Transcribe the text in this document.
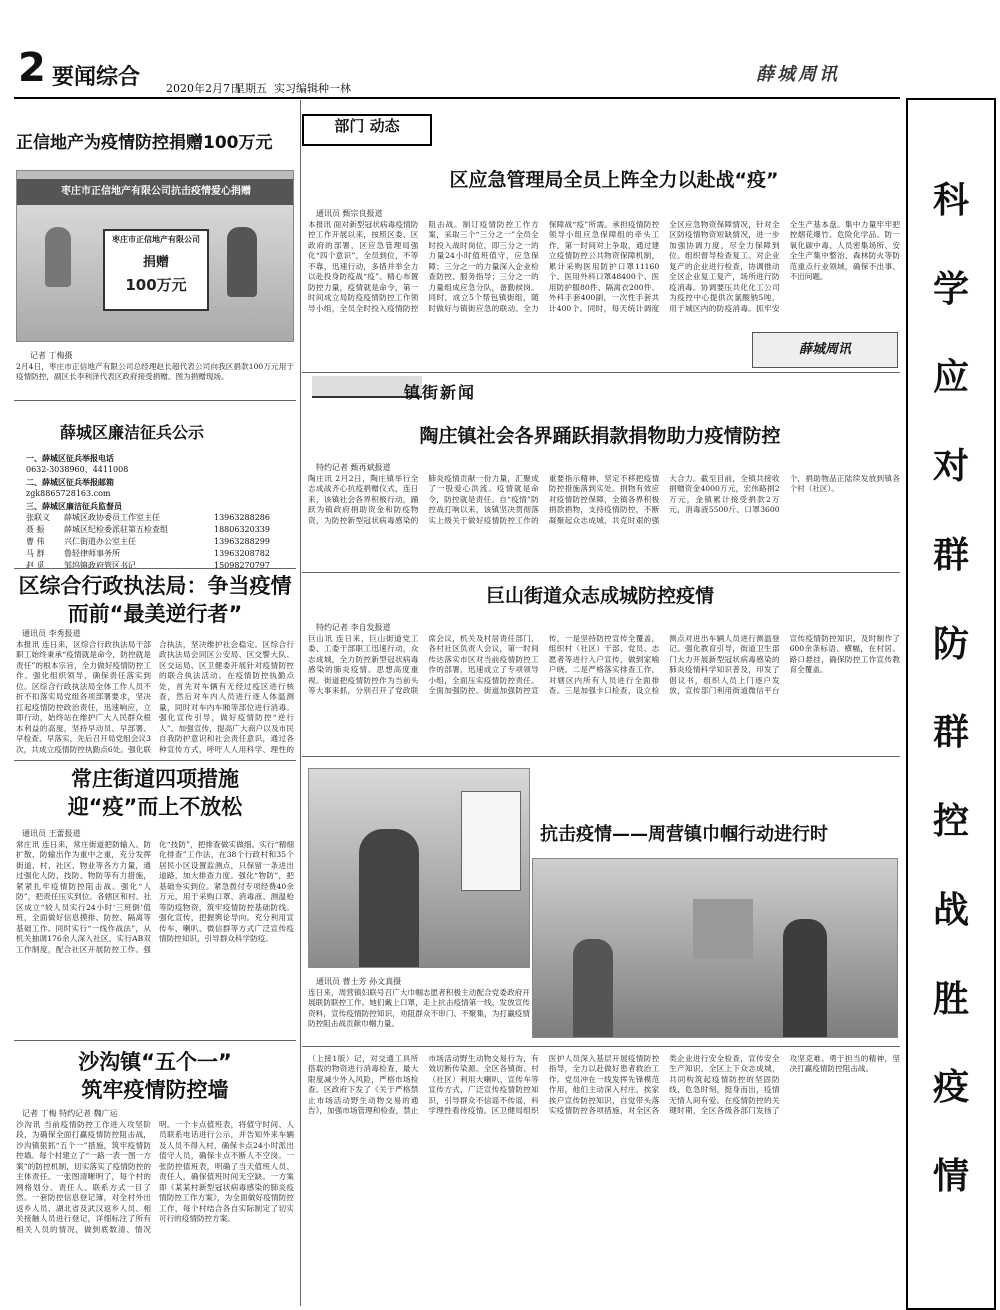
2 要闻综合 2020年2月7日
星期五 实习编辑 种一林
薛城周讯
科
学
应
对
群
防
群
控
战
胜
疫
情
正信地产为疫情防控捐赠100万元
枣庄市正信地产有限公司抗击疫情爱心捐赠
枣庄市正信地产有限公司
捐赠
100万元
记者 丁梅摄
2月4日，枣庄市正信地产有限公司总经理赵长超代表公司向我区捐款100万元用于疫情防控，副区长李利泽代表区政府接受捐赠。图为捐赠现场。
薛城区廉洁征兵公示
一、薛城区征兵举报电话
0632-3038960、4411008
二、薛城区征兵举报邮箱
zgk8865728163.com
三、薛城区廉洁征兵监督员
张联义	薛城区政协委员工作室主任	13963288286
聂 振	薛城区纪检委派驻第五检查组	18806320339
曹 伟	兴仁街道办公室主任	13963288299
马 群	鲁轻律师事务所	13963208782
赵 觅	邹坞镇政府管区书记	15098270797
区综合行政执法局：争当疫情
而前“最美逆行者”
通讯员 李秀报道
本报讯 连日来，区综合行政执法局干部职工始终秉承“疫情就是命令，防控就是责任”的根本宗旨，全力做好疫情防控工作。强化组织领导，确保责任落实到位。区综合行政执法局全体工作人员不折不扣落实局党组各项部署要求，坚决扛起疫情防控政治责任，迅速响应，立即行动，始终站在维护广大人民群众根本利益的高度，坚持早动员、早部署、早检查、早落实，先后召开局党组会议3次，共成立疫情防控执勤点6处。强化联合执法，坚决维护社会稳定。区综合行政执法局会同区公安局、区交警大队、区交运局、区卫健委开展针对疫情防控的联合执法活动。在疫情防控执勤点处，首先对车辆有无经过疫区进行核查，然后对车内人员进行逐人体温测量，同时对车内车厢等部位进行消毒。强化宣传引导，做好疫情防控“逆行人”。加强宣传，提高广大商户以及市民自我防护意识和社会责任意识，通过各种宣传方式，呼吁人人用科学、理性的
常庄街道四项措施
迎“疫”而上不放松
通讯员 王蕾报道
常庄讯 连日来，常庄街道把防输入、防扩散、防输出作为重中之重，充分发挥街道、村、社区、物业等各方力量，通过强化人防、技防、物防等有力措施，紧紧扎牢疫情防控阻击战。强化“人防”，把责任压实到位。各辖区和村、社区成立“较人员实行24小时‘三班倒’值班，全面做好信息摸排、防控、隔离等基础工作。同时实行“一线作战法”，从机关抽调176余人深入社区，实行AB双工作制度，配合社区开展防控工作。强化“技防”，把排查做实做细。实行“精细化排查”工作法，在38个行政村和35个居民小区设置监测点，只保留一条进出道路，加大排查力度。强化“物防”，把基础夯实到位。紧急拨付专项经费40余万元，用于采购口罩、消毒液、测温枪等防疫物资，筑牢疫情防控基础防线。强化宣传，把握舆论导向。充分利用宣传车、喇叭、微信群等方式广泛宣传疫情防控知识，引导群众科学防疫。
沙沟镇“五个一”
筑牢疫情防控墙
记者 丁梅 特约记者 魏广运
沙沟讯 当前疫情防控工作进入攻坚阶段，为确保全面打赢疫情防控阻击战，沙沟镇狠抓“五个一”措施，筑牢疫情防控墙。每个村建立了“一路一表一图一方案”的防控机制，切实落实了疫情防控的主体责任。一张图清晰明了，每个村的网格划分、责任人、联系方式一目了然。一套防控信息登记簿，对全村外出返乡人员、湖北省及武汉返乡人员、相关接触人员进行登记，详细标注了所有相关人员的情况，做到底数清、情况明。一个卡点值班表，将值守时间、人员联系电话进行公示，并告知外来车辆及人员不得入村，确保卡点24小时派出值守人员，确保卡点不断人不空岗。一张防控值班表，明确了当天值班人员、责任人，确保值班时间无空缺。一方案即《某某村新型冠状病毒感染的肺炎疫情防控工作方案》，为全面做好疫情防控工作，每个村结合各自实际制定了切实可行的疫情防控方案。
部门 动态
区应急管理局全员上阵全力以赴战“疫”
通讯员 甄宗良报道
本报讯 面对新型冠状病毒疫情防控工作开展以来，按照区委、区政府的部署，区应急管理局强化“四个意识”，全员到位，不等不靠，迅速行动，多措并举全力以赴投身防疫战“疫”。精心布置防控力量，疫情就是命令，第一时间成立局防疫疫情防控工作领导小组，全员全时投入疫情防控阻击战。制订疫情防控工作方案，采取三个“三分之一”全员全时投入战时岗位，即三分之一的力量24小时值班值守，应急保障；三分之一的力量深入企业检查防控、服务指导；三分之一的力量组成应急分队，备勤候岗。同时，成立5个帮包镇街组，随时做好与镇街应急的联动。全力保障战“疫”所需。承担疫情防控领导小组应急保障组的牵头工作，第一时间对上争取，通过建立疫情防控公共物资保障机制，累计采购医用防护口罩11160个、医用外科口罩48400个、医用防护服80件、隔离衣200件、外科手套400副，一次性手套共计400个。同时，每天统计调度全区应急物资保障情况，针对全区防疫情物资短缺情况，进一步加强协调力度，尽全力保障到位。组织督导检查复工。对企业复产的企业进行检查，协调推动全区企业复工复产，场所进行防疫消毒。协调要压共化化工公司为疫控中心提供次氯酸钠5吨，用于城区内的防疫消毒。抓牢安全生产基本盘。集中力量牢牢把控烟花爆竹、危险化学品、防一氧化碳中毒、人员密集场所、安全生产集中整治、森林防火等防范重点行业领域，确保不出事、不出问题。
薛城周讯
镇街新闻
陶庄镇社会各界踊跃捐款捐物助力疫情防控
特约记者 甄再斌报道
陶庄讯 2月2日，陶庄镇举行全志成战齐心抗疫捐赠仪式，连日来，该镇社会各界积极行动，踊跃为镇政府捐助资金和防疫物资，为防控新型冠状病毒感染的肺炎疫情贡献一份力量，汇聚成了一股爱心洪流。疫情就是命令，防控就是责任。自“疫情”防控战打响以来，该镇坚决贯彻落实上级关于做好疫情防控工作的重要指示精神，坚定不移把疫情防控措施落到实处。捐物有效应对疫情防控保障，全镇各界积极捐款捐物，支持疫情防控，不断凝聚起众志成城、共克时艰的强大合力。截至目前，全镇共接收捐赠资金4000万元，宏伟路捐2万元，金镇累计接受捐款2万元，消毒液5500斤、口罩3600个，捐助物品正陆续发放到镇各个村（社区）。
巨山街道众志成城防控疫情
特约记者 李自发报道
巨山讯 连日来，巨山街道党工委、工委干部职工迅速行动，众志成城，全力防控新型冠状病毒感染的肺炎疫情。思想高度重视。街道把疫情防控作为当前头等大事来抓，分别召开了党政联席会议，机关及村居责任部门，各村社区负责人会议，第一时间传达落实市区对当前疫情防控工作的部署，迅速成立了专项领导小组，全面压实疫情防控责任。全面加强防控。街道加强防控宣传，一是坚持防控宣传全覆盖，组织村（社区）干部、党员、志愿者等进行入户宣传，做到家喻户晓。二是严格落实排查工作，对辖区内所有人员进行全面排查。三是加强卡口检查，设立检测点对进出车辆人员进行测温登记。强化教育引导，街道卫生部门大力开展新型冠状病毒感染的肺炎疫情科学知识普及，印发了倡议书，组织人员上门逐户发放，宣传部门利用街道微信平台宣传疫情防控知识，及时制作了600余条标语、横幅，在村居、路口悬挂，确保防控工作宣传教育全覆盖。
抗击疫情——周营镇巾帼行动进行时
通讯员 曹士芳 孙文真摄
连日来，周营镇妇联号召广大巾帼志愿者积极主动配合党委政府开展联防联控工作。她们戴上口罩，走上抗击疫情第一线，发放宣传资料，宣传疫情防控知识，劝阻群众不串门、不聚集，为打赢疫情防控阻击战贡献巾帼力量。
（上接1版）记，对交通工具所搭载的物资进行消毒检查，最大限度减少外入风险，严格市场检查。区政府下发了《关于严格禁止市场活动野生动物交易的通告》，加强市场管理和检查，禁止市场活动野生动物交易行为，有效切断传染源。全区各镇街、村（社区）利用大喇叭、宣传车等宣传方式，广泛宣传疫情防控知识，引导群众不信谣不传谣，科学理性看待疫情。区卫健局组织医护人员深入基层开展疫情防控指导，全力以赴做好患者救治工作。党员冲在一线发挥先锋模范作用，他们主动深入村庄，挨家挨户宣传防控知识，自觉带头落实疫情防控各项措施，对全区各类企业进行安全检查，宣传安全生产知识。全区上下众志成城，共同构筑起疫情防控的坚固防线，危急时刻，挺身而出，疫情无情人间有爱。在疫情防控的关键时期，全区各级各部门发扬了攻坚克难、勇于担当的精神，坚决打赢疫情防控阻击战。
